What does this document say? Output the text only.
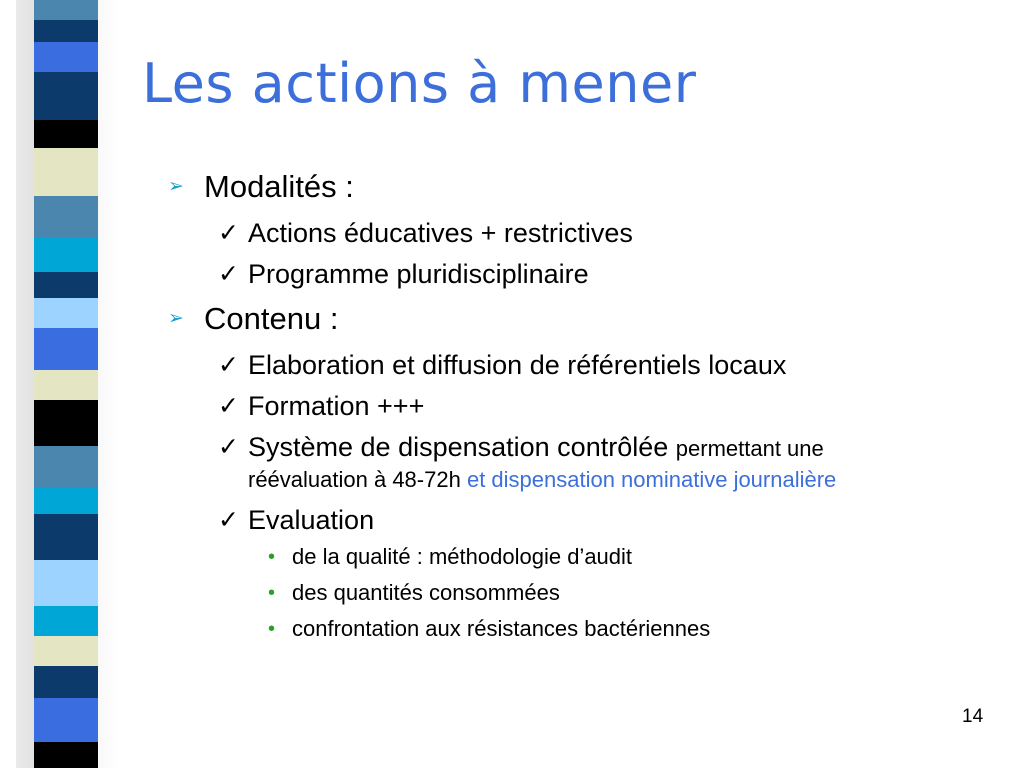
Les actions à mener
➢ Modalités :
✓ Actions éducatives + restrictives
✓ Programme pluridisciplinaire
➢ Contenu :
✓ Elaboration et diffusion de référentiels locaux
✓ Formation +++
✓ Système de dispensation contrôlée permettant une
réévaluation à 48-72h et dispensation nominative journalière
✓ Evaluation
• de la qualité : méthodologie d’audit
• des quantités consommées
• confrontation aux résistances bactériennes
14
